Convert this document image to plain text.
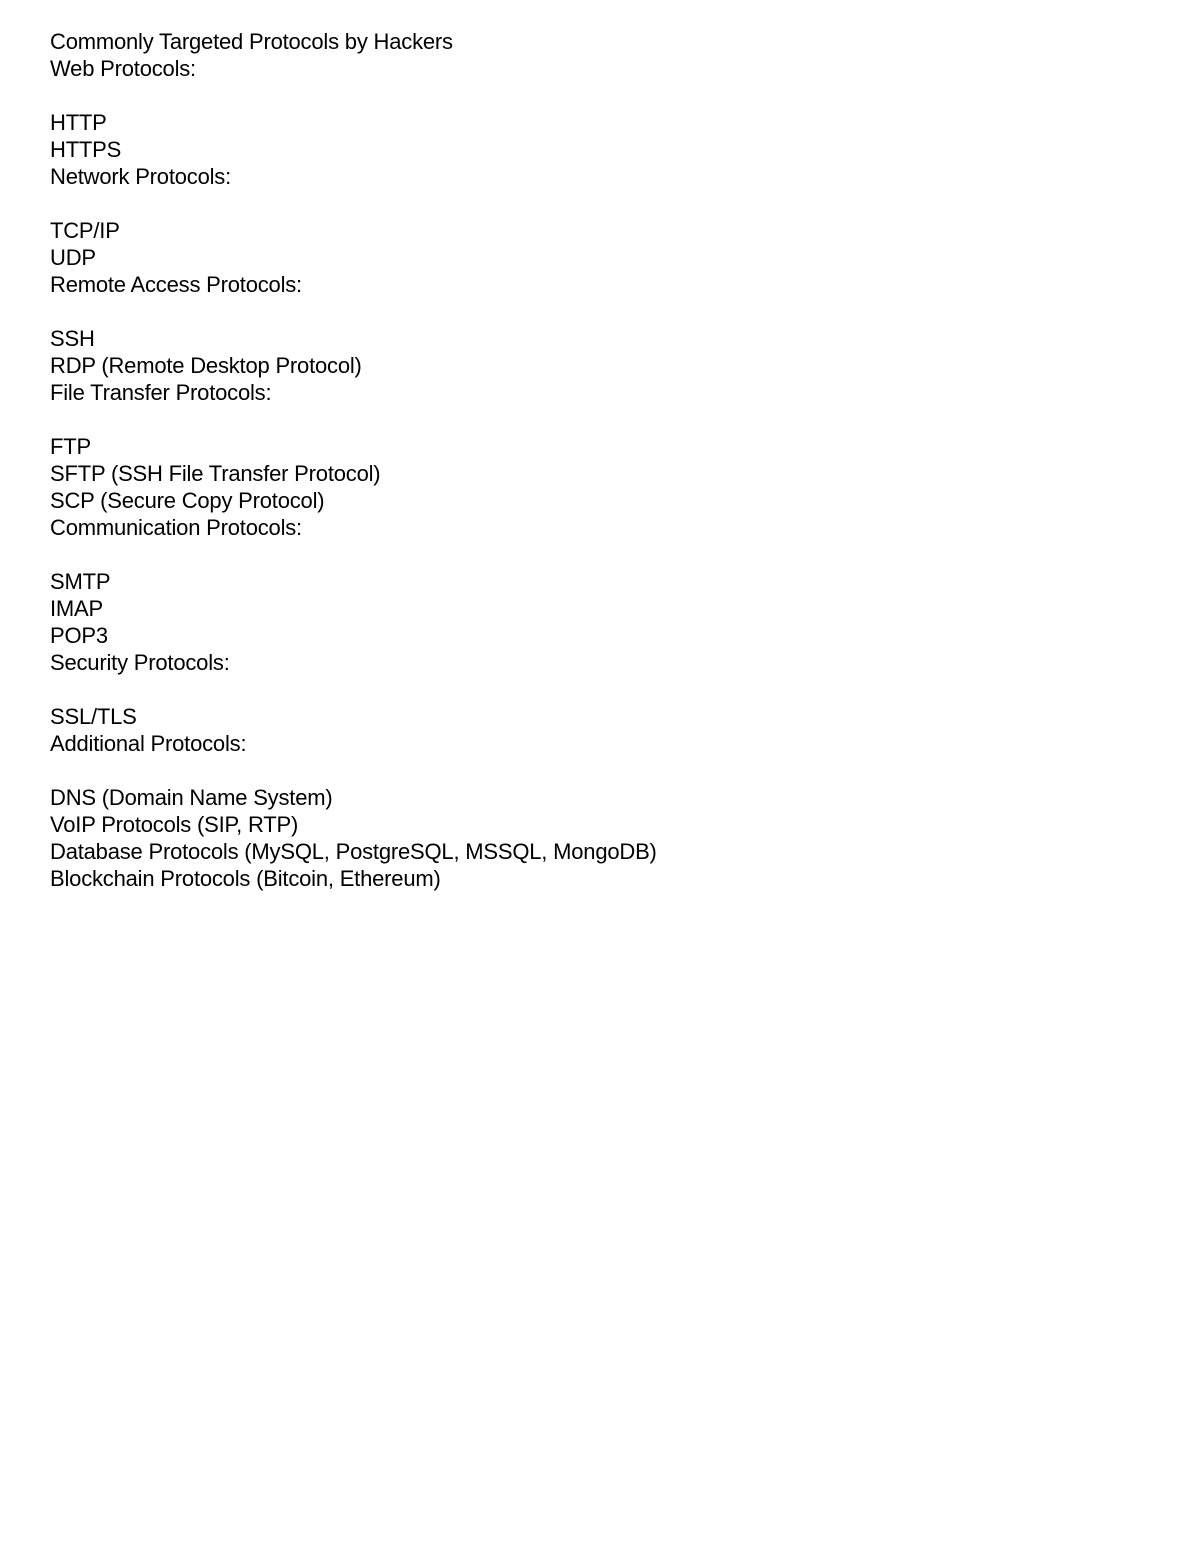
Commonly Targeted Protocols by Hackers
Web Protocols:
HTTP
HTTPS
Network Protocols:
TCP/IP
UDP
Remote Access Protocols:
SSH
RDP (Remote Desktop Protocol)
File Transfer Protocols:
FTP
SFTP (SSH File Transfer Protocol)
SCP (Secure Copy Protocol)
Communication Protocols:
SMTP
IMAP
POP3
Security Protocols:
SSL/TLS
Additional Protocols:
DNS (Domain Name System)
VoIP Protocols (SIP, RTP)
Database Protocols (MySQL, PostgreSQL, MSSQL, MongoDB)
Blockchain Protocols (Bitcoin, Ethereum)
